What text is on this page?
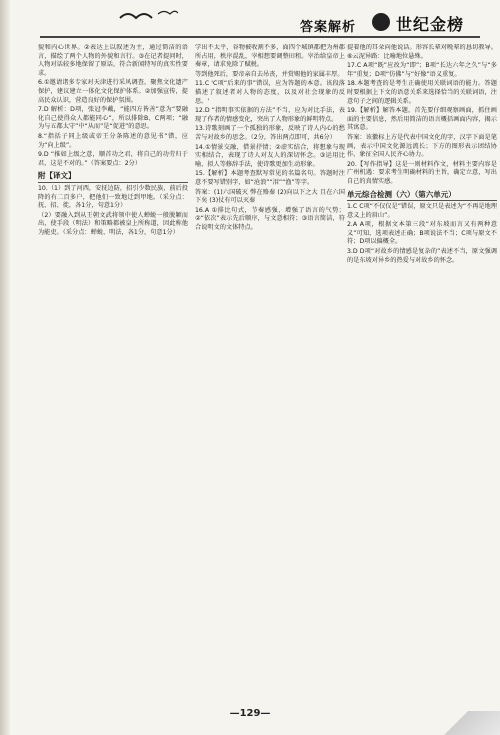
答案解析 世纪金榜

貌和内心世界。②表达上以叙述为主，通过简洁的语言，描绘了两个人物的外貌和言行。③在记者提问时，人物对话较多地保留了原话，符合新闻特写的真实性要求。

6.①邀请诸多专家对天津进行采风调查，聚焦文化遗产保护，建议建立一体化文化保护体系。②加强宣传，提高民众认识，营造良好的保护氛围。

7.D 解析：D项，张冠李戴，“能四方皆善”意为“要融化自己使得众人都能同心”，所以排除B、C两项；“融为与五都太守”中“从而”是“促进”的意思。

8.“指括子同上级或帝王分条陈述的意见书”错，应为“向上级”。

9.D “推如上级之意，顺首功之君，将自己的功劳归于君，这是不对的。”（答案要点：2分）

附【译文】

10.（1）到了河西，安抚边防，招引少数民族，前后投降的有二百多户，把他们一致地迁到甲地。（采分点：抚、招、徙，各1分，句意1分）

（2）要融入到从王朝文武将领中使人蝉蜕一般脱颖而出，使手段（明法）和策略都被皇上所称道，因此称他为能吏。（采分点：蝉蜕、明法，各1分，句意1分）

学出不太平，谷物被收割不多，面四个城镇都把为州郡所占用，秩序混乱，宰相想要调整田租。宰治给皇帝上奏章，请求免除了赋税。

等到他死后，要帝亲自去吊丧，并赏赐他的家属丰厚。

11.C 'C项“后来的事”错误，应为答题的本意。该段落描述了叙述者对人物的态度，以及对社会现象的反思。'

12.D “指明事实依据的方法”不当，应为对比手法，表现了作者的情感变化，突出了人物形象的鲜明特点。

13.诗歌刻画了一个孤独的形象，反映了诗人内心的愁苦与对故乡的思念。（2分，答出两点即可，共6分）

14.①情景交融，借景抒情；②虚实结合，将想象与现实相结合，表现了诗人对友人的深切怀念。③运用比喻、拟人等修辞手法，使诗歌更加生动形象。

15.【解析】本题考查默写常见的名篇名句。答题时注意不要写错别字，如“沧浪”“泪”“渔”等字。

答案：(1)六国破灭 弊在赂秦 (2)向以下之大 且在六国下矣 (3)仗有可以灭秦

16.A ①排比句式，节奏感强，增强了语言的气势；②“依次”表示先后顺序，与文意相符；③语言简洁，符合说明文的文体特点。

提着他的耳朵向他说话。形容长辈对晚辈的恳切教导。⑥云泥异路：比喻地位悬殊。

17.C A项“既”应改为“即”；B项“长达六年之久”与“多年”重复；D项“仿佛”与“好像”语义重复。

18.本题考查的是考生正确使用关联词语的能力。答题时要根据上下文的语意关系来选择恰当的关联词语，注意句子之间的逻辑关系。

19.【解析】解答本题，首先要仔细观察画面，抓住画面的主要信息，然后用简洁的语言概括画面内容，揭示其寓意。

答案：该徽标上方是代表中国文化的字，汉字下面是笔画，表示中国文化源远流长；下方的图形表示团结协作，象征全国人民齐心协力。

20.【写作指导】这是一则材料作文，材料主要内容是广州机遇：要求考生明确材料的主旨，确定立意，写出自己的真情实感。

单元综合检测（六）（第六单元）

1.C C项“不仅仅是”错误，原文只是表述为“不再是地理意义上的眉山”。

2.A A项，根据文本第三段“对东坡而言又有两种意义”可知，选项表述正确；B项说法不当；C项与原文不符；D项以偏概全。

3.D D项“对故乡的情感是复杂的”表述不当，原文强调的是东坡对异乡的热爱与对故乡的怀念。

—129—
